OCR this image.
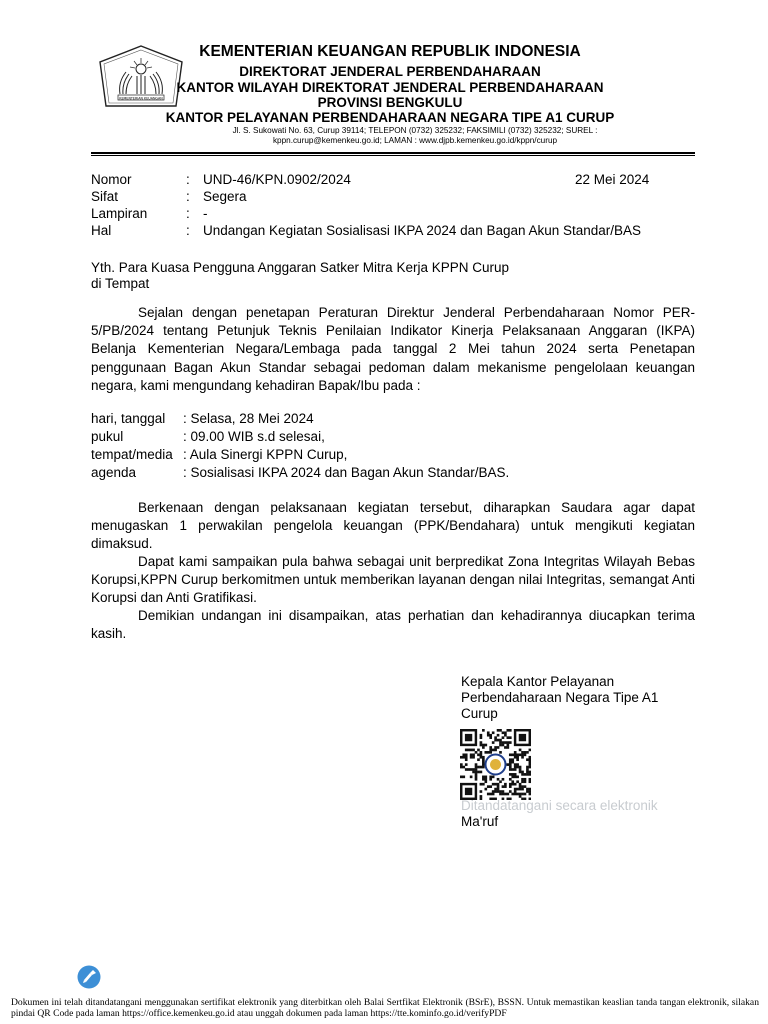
KEMENTERIAN KEUANGAN
KEMENTERIAN KEUANGAN REPUBLIK INDONESIA
DIREKTORAT JENDERAL PERBENDAHARAAN
KANTOR WILAYAH DIREKTORAT JENDERAL PERBENDAHARAAN
PROVINSI BENGKULU
KANTOR PELAYANAN PERBENDAHARAAN NEGARA TIPE A1 CURUP
Jl. S. Sukowati No. 63, Curup 39114; TELEPON (0732) 325232; FAKSIMILI (0732) 325232; SUREL :
kppn.curup@kemenkeu.go.id; LAMAN : www.djpb.kemenkeu.go.id/kppn/curup
Nomor	: UND-46/KPN.0902/2024	22 Mei 2024
Sifat	: Segera
Lampiran	: -
Hal	: Undangan Kegiatan Sosialisasi IKPA 2024 dan Bagan Akun Standar/BAS
Yth. Para Kuasa Pengguna Anggaran Satker Mitra Kerja KPPN Curup
di Tempat
Sejalan dengan penetapan Peraturan Direktur Jenderal Perbendaharaan Nomor PER-5/PB/2024 tentang Petunjuk Teknis Penilaian Indikator Kinerja Pelaksanaan Anggaran (IKPA) Belanja Kementerian Negara/Lembaga pada tanggal 2 Mei tahun 2024 serta Penetapan penggunaan Bagan Akun Standar sebagai pedoman dalam mekanisme pengelolaan keuangan negara, kami mengundang kehadiran Bapak/Ibu pada :
hari, tanggal : Selasa, 28 Mei 2024
pukul	: 09.00 WIB s.d selesai,
tempat/media : Aula Sinergi KPPN Curup,
agenda	: Sosialisasi IKPA 2024 dan Bagan Akun Standar/BAS.
Berkenaan dengan pelaksanaan kegiatan tersebut, diharapkan Saudara agar dapat menugaskan 1 perwakilan pengelola keuangan (PPK/Bendahara) untuk mengikuti kegiatan dimaksud.
Dapat kami sampaikan pula bahwa sebagai unit berpredikat Zona Integritas Wilayah Bebas Korupsi,KPPN Curup berkomitmen untuk memberikan layanan dengan nilai Integritas, semangat Anti Korupsi dan Anti Gratifikasi.
Demikian undangan ini disampaikan, atas perhatian dan kehadirannya diucapkan terima kasih.
Kepala Kantor Pelayanan
Perbendaharaan Negara Tipe A1
Curup
Ditandatangani secara elektronik
Ma'ruf
Dokumen ini telah ditandatangani menggunakan sertifikat elektronik yang diterbitkan oleh Balai Sertfikat Elektronik (BSrE), BSSN. Untuk memastikan keaslian tanda tangan elektronik, silakan pindai QR Code pada laman https://office.kemenkeu.go.id atau unggah dokumen pada laman https://tte.kominfo.go.id/verifyPDF
